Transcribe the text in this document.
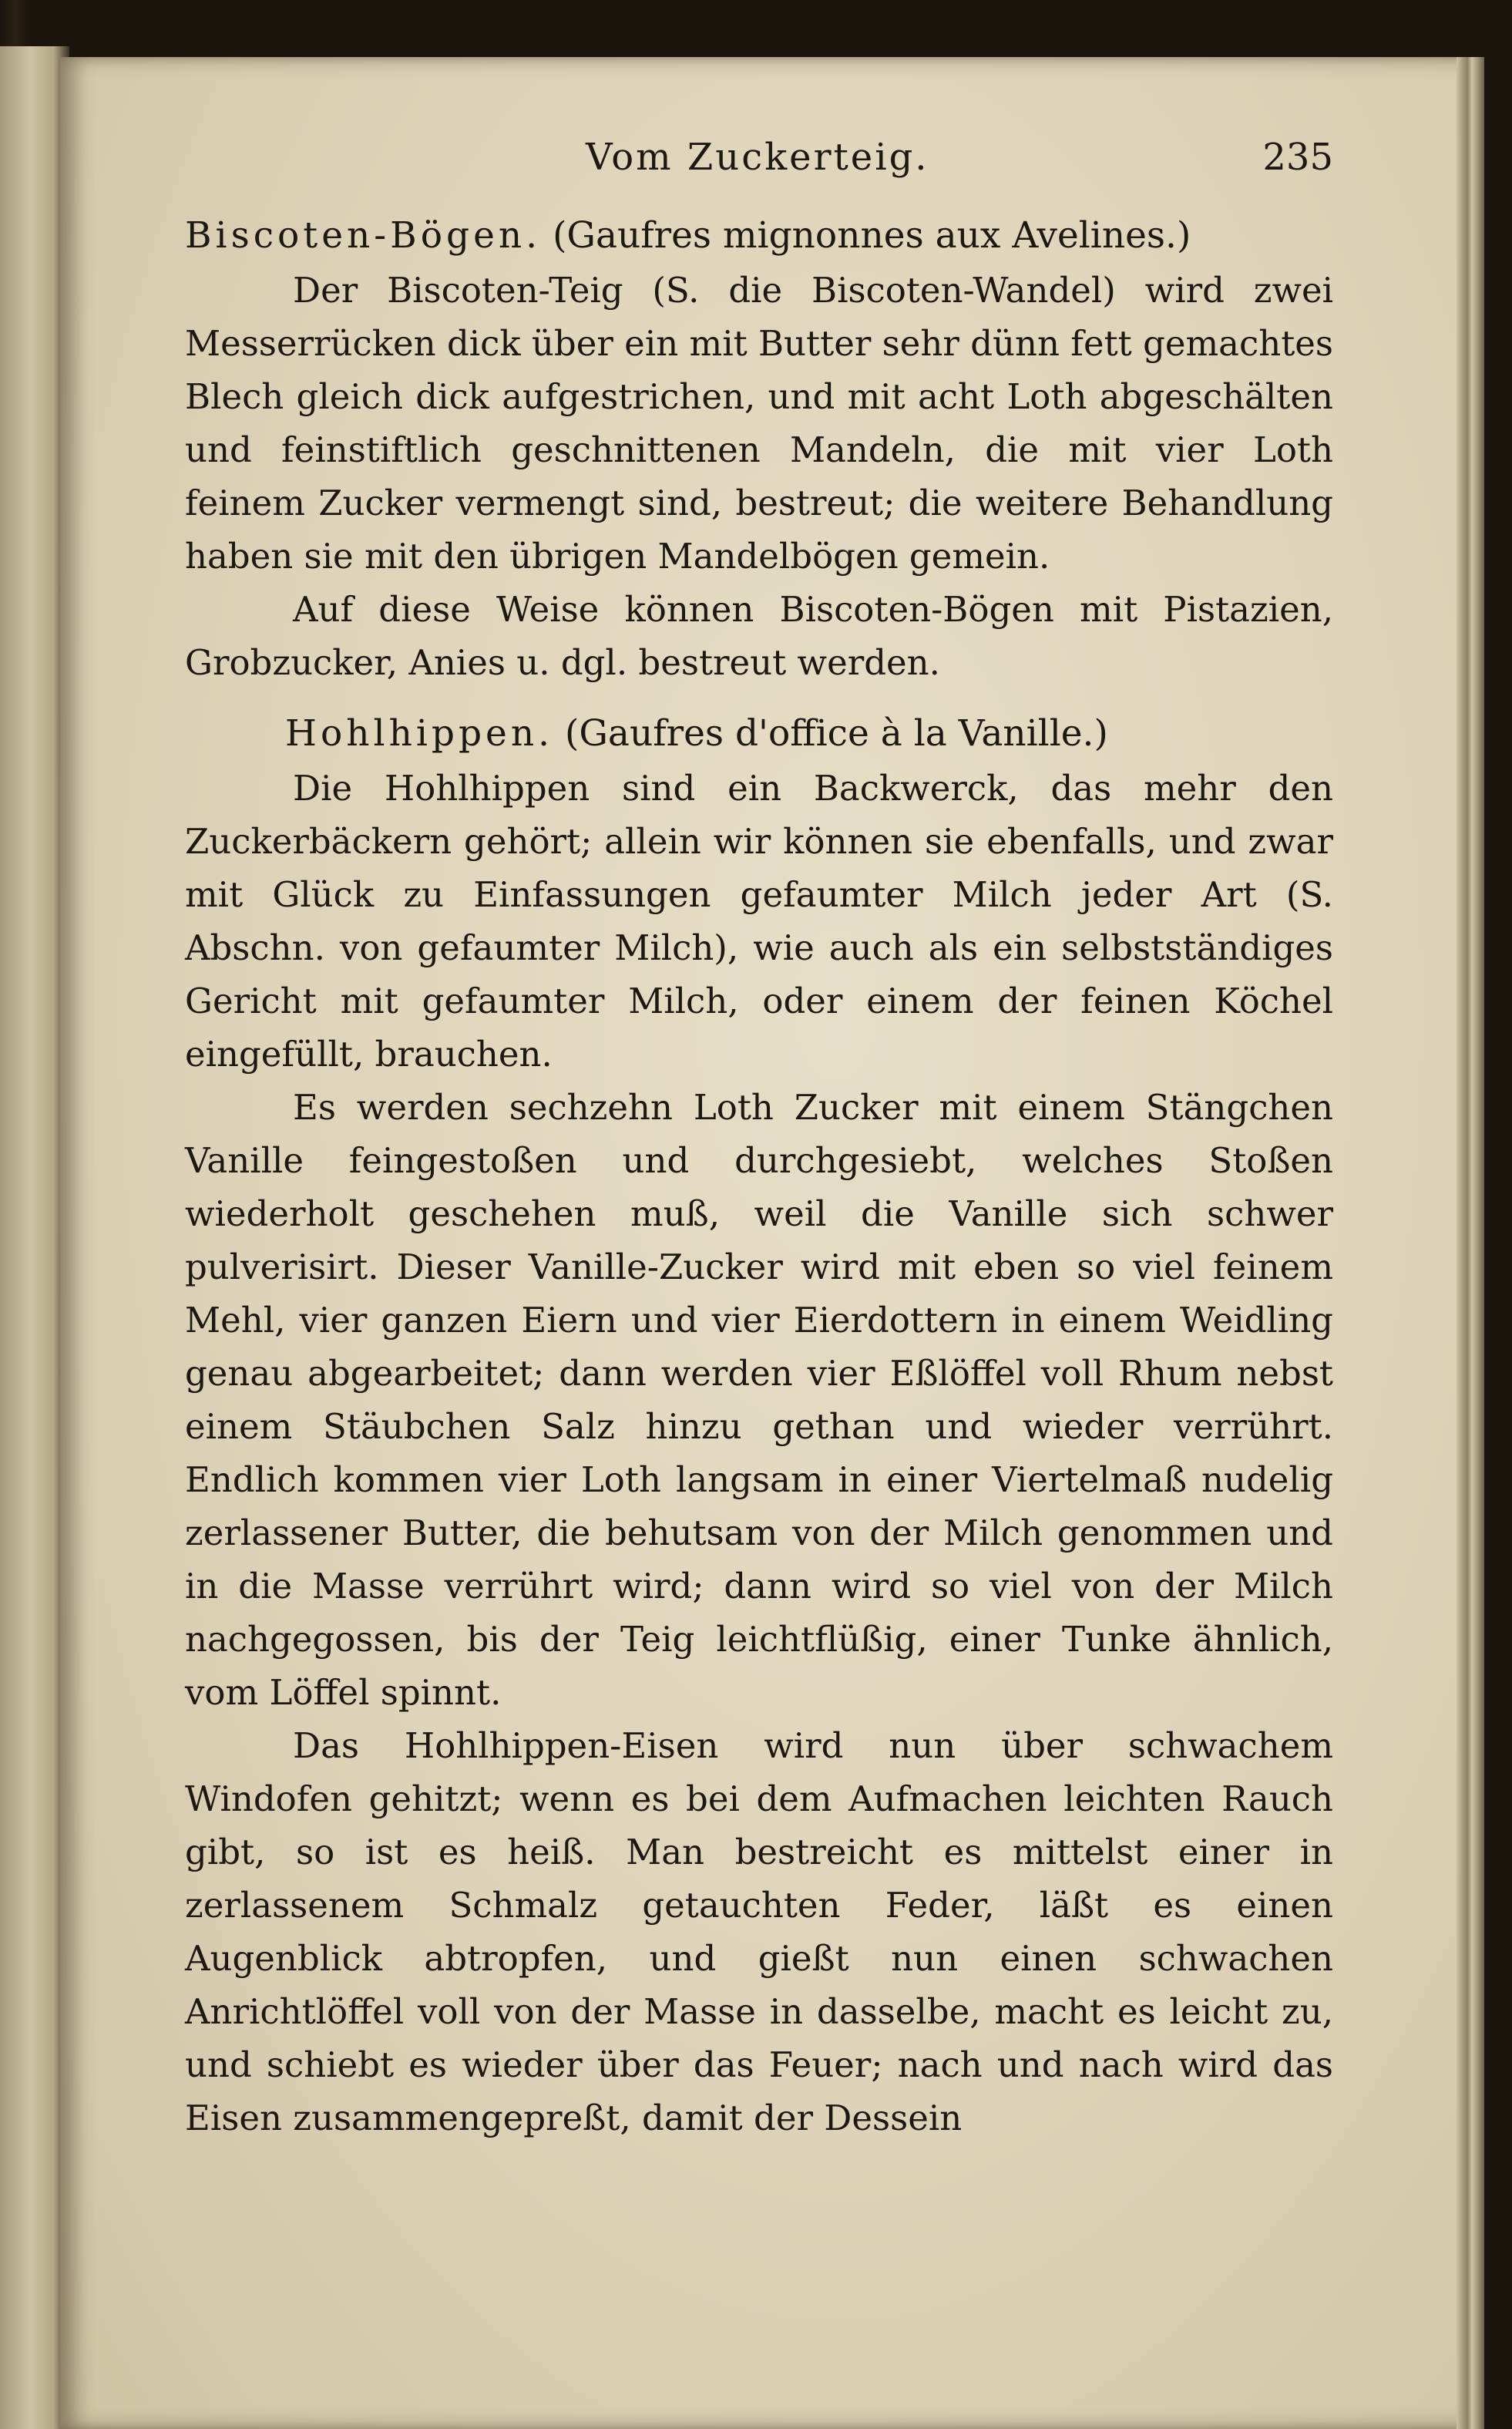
Vom Zuckerteig.	235
Biscoten-Bögen. (Gaufres mignonnes aux Avelines.)

Der Biscoten-Teig (S. die Biscoten-Wandel) wird zwei Messerrücken dick über ein mit Butter sehr dünn fett gemachtes Blech gleich dick aufgestrichen, und mit acht Loth abgeschälten und feinstiftlich geschnittenen Mandeln, die mit vier Loth feinem Zucker vermengt sind, bestreut; die weitere Behandlung haben sie mit den übrigen Mandelbögen gemein.

Auf diese Weise können Biscoten-Bögen mit Pistazien, Grobzucker, Anies u. dgl. bestreut werden.

Hohlhippen. (Gaufres d'office à la Vanille.)

Die Hohlhippen sind ein Backwerck, das mehr den Zuckerbäckern gehört; allein wir können sie ebenfalls, und zwar mit Glück zu Einfassungen gefaumter Milch jeder Art (S. Abschn. von gefaumter Milch), wie auch als ein selbstständiges Gericht mit gefaumter Milch, oder einem der feinen Köchel eingefüllt, brauchen.

Es werden sechzehn Loth Zucker mit einem Stängchen Vanille feingestoßen und durchgesiebt, welches Stoßen wiederholt geschehen muß, weil die Vanille sich schwer pulverisirt. Dieser Vanille-Zucker wird mit eben so viel feinem Mehl, vier ganzen Eiern und vier Eierdottern in einem Weidling genau abgearbeitet; dann werden vier Eßlöffel voll Rhum nebst einem Stäubchen Salz hinzu gethan und wieder verrührt. Endlich kommen vier Loth langsam in einer Viertelmaß nudelig zerlassener Butter, die behutsam von der Milch genommen und in die Masse verrührt wird; dann wird so viel von der Milch nachgegossen, bis der Teig leichtflüßig, einer Tunke ähnlich, vom Löffel spinnt.

Das Hohlhippen-Eisen wird nun über schwachem Windofen gehitzt; wenn es bei dem Aufmachen leichten Rauch gibt, so ist es heiß. Man bestreicht es mittelst einer in zerlassenem Schmalz getauchten Feder, läßt es einen Augenblick abtropfen, und gießt nun einen schwachen Anrichtlöffel voll von der Masse in dasselbe, macht es leicht zu, und schiebt es wieder über das Feuer; nach und nach wird das Eisen zusammengepreßt, damit der Dessein
